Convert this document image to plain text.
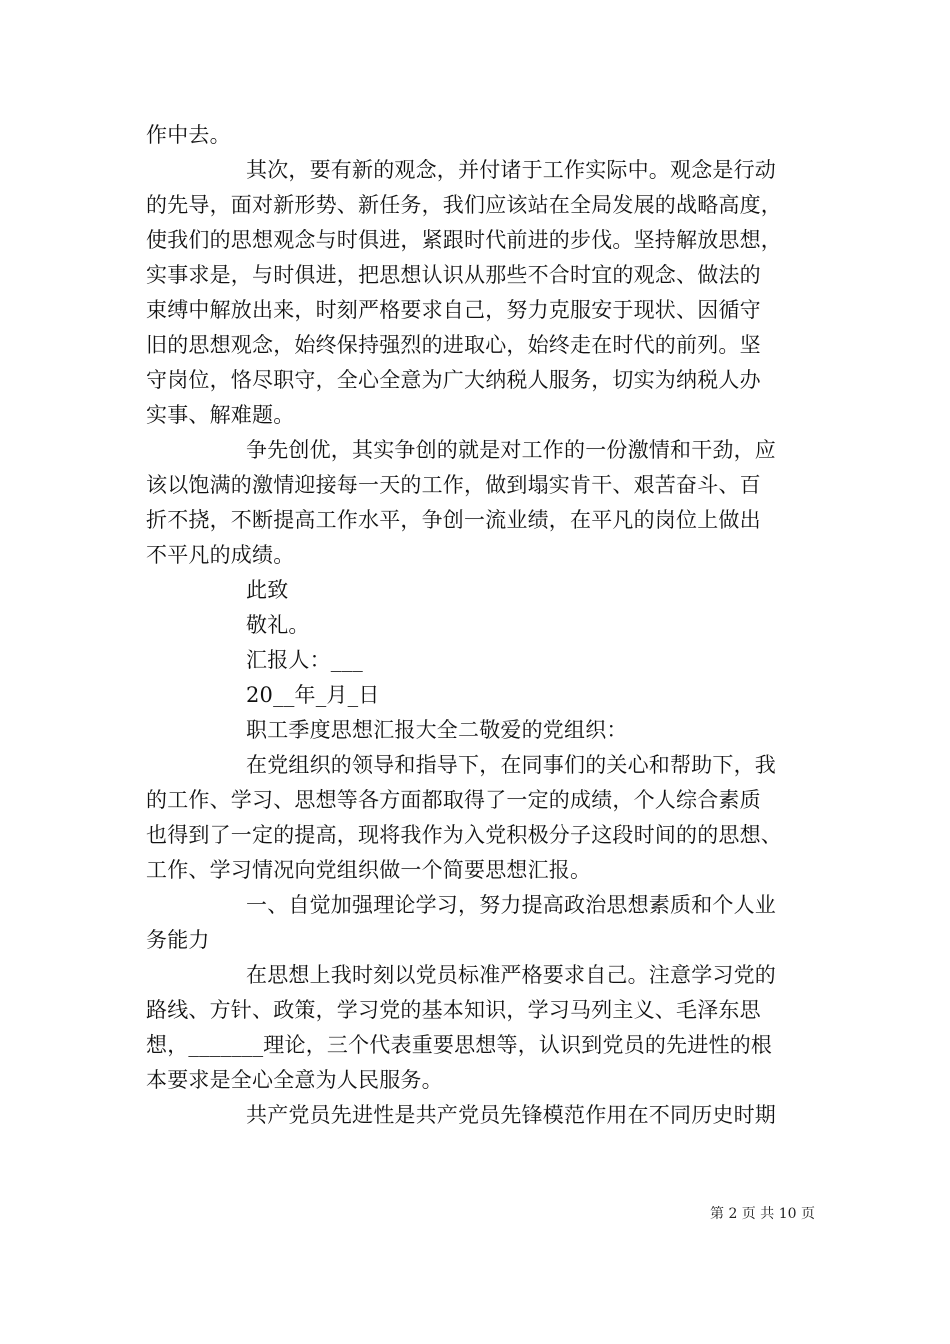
作中去。
其次，要有新的观念，并付诸于工作实际中。观念是行动
的先导，面对新形势、新任务，我们应该站在全局发展的战略高度，
使我们的思想观念与时俱进，紧跟时代前进的步伐。坚持解放思想，
实事求是，与时俱进，把思想认识从那些不合时宜的观念、做法的
束缚中解放出来，时刻严格要求自己，努力克服安于现状、因循守
旧的思想观念，始终保持强烈的进取心，始终走在时代的前列。坚
守岗位，恪尽职守，全心全意为广大纳税人服务，切实为纳税人办
实事、解难题。
争先创优，其实争创的就是对工作的一份激情和干劲，应
该以饱满的激情迎接每一天的工作，做到塌实肯干、艰苦奋斗、百
折不挠，不断提高工作水平，争创一流业绩，在平凡的岗位上做出
不平凡的成绩。
此致
敬礼。
汇报人：___
20__年_月_日
职工季度思想汇报大全二敬爱的党组织：
在党组织的领导和指导下，在同事们的关心和帮助下，我
的工作、学习、思想等各方面都取得了一定的成绩，个人综合素质
也得到了一定的提高，现将我作为入党积极分子这段时间的的思想、
工作、学习情况向党组织做一个简要思想汇报。
一、自觉加强理论学习，努力提高政治思想素质和个人业
务能力
在思想上我时刻以党员标准严格要求自己。注意学习党的
路线、方针、政策，学习党的基本知识，学习马列主义、毛泽东思
想，_______理论，三个代表重要思想等，认识到党员的先进性的根
本要求是全心全意为人民服务。
共产党员先进性是共产党员先锋模范作用在不同历史时期
第 2 页 共 10 页
